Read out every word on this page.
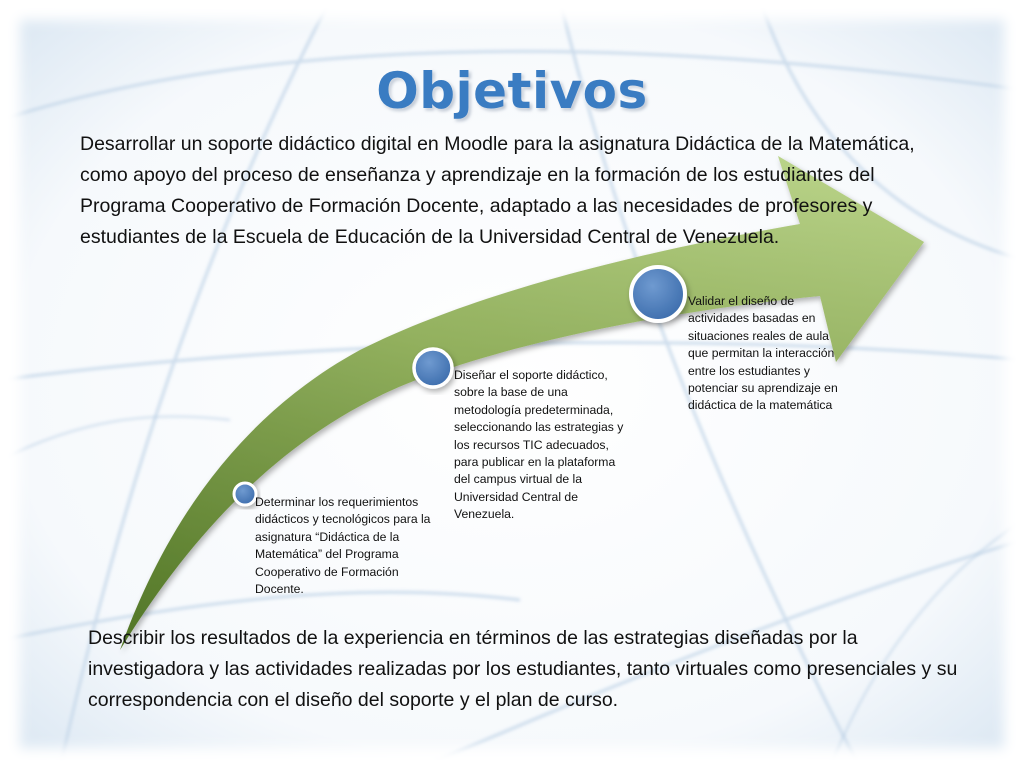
Objetivos
Desarrollar un soporte didáctico digital en Moodle para la asignatura Didáctica de la Matemática, como apoyo del proceso de enseñanza y aprendizaje en la formación de los estudiantes del Programa Cooperativo de Formación Docente, adaptado a las necesidades de profesores y estudiantes de la Escuela de Educación de la Universidad Central de Venezuela.
Determinar los requerimientos didácticos y tecnológicos para la asignatura “Didáctica de la Matemática” del Programa Cooperativo de Formación Docente.
Diseñar el soporte didáctico, sobre la base de una metodología predeterminada, seleccionando las estrategias y los recursos TIC adecuados, para publicar en la plataforma del campus virtual de la Universidad Central de Venezuela.
Validar el diseño de actividades basadas en situaciones reales de aula que permitan la interacción entre los estudiantes y potenciar su aprendizaje en didáctica de la matemática
Describir los resultados de la experiencia en términos de las estrategias diseñadas por la investigadora y las actividades realizadas por los estudiantes, tanto virtuales como presenciales y su correspondencia con el diseño del soporte y el plan de curso.
